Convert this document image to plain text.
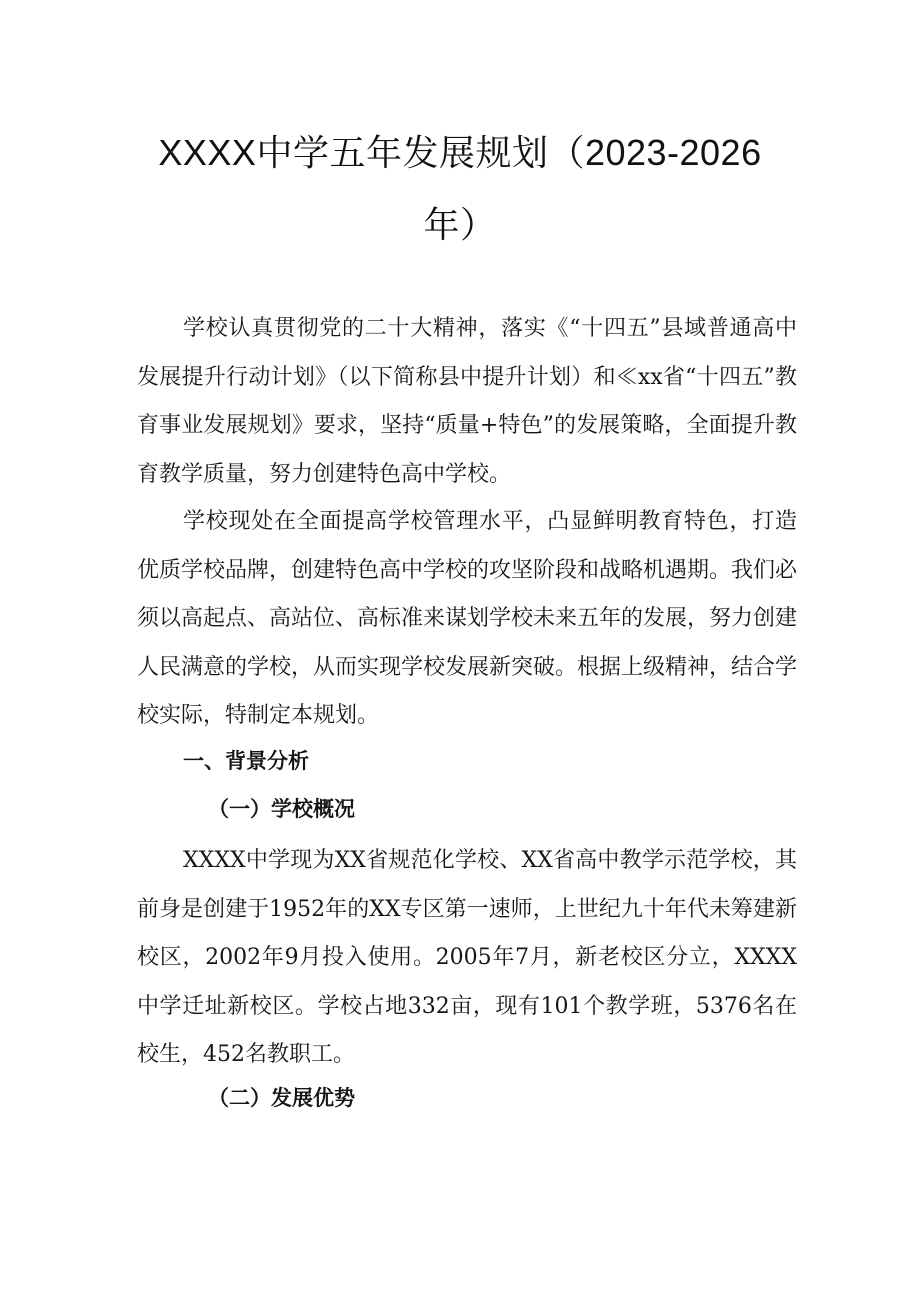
XXXX中学五年发展规划（2023-2026
年）

学校认真贯彻党的二十大精神，落实《“十四五”县域普通高中发展提升行动计划》（以下简称县中提升计划）和≪xx省“十四五”教育事业发展规划》要求，坚持“质量+特色”的发展策略，全面提升教育教学质量，努力创建特色高中学校。

学校现处在全面提高学校管理水平，凸显鲜明教育特色，打造优质学校品牌，创建特色高中学校的攻坚阶段和战略机遇期。我们必须以高起点、高站位、高标准来谋划学校未来五年的发展，努力创建人民满意的学校，从而实现学校发展新突破。根据上级精神，结合学校实际，特制定本规划。

一、背景分析
（一）学校概况

XXXX中学现为XX省规范化学校、XX省高中教学示范学校，其前身是创建于1952年的XX专区第一速师，上世纪九十年代未筹建新校区，2002年9月投入使用。2005年7月，新老校区分立，XXXX中学迁址新校区。学校占地332亩，现有101个教学班，5376名在校生，452名教职工。

（二）发展优势
